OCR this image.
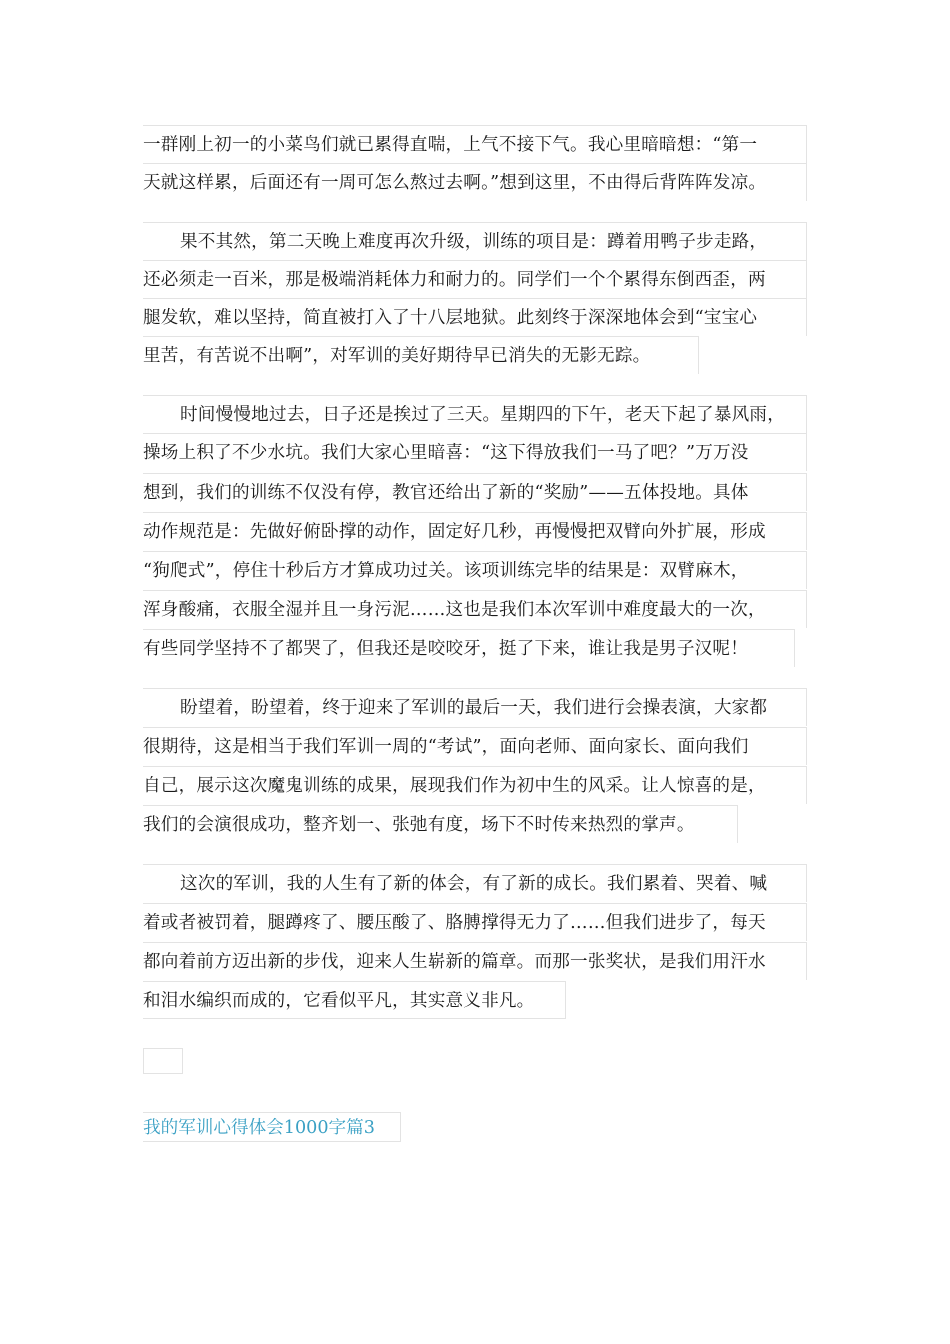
一群刚上初一的小菜鸟们就已累得直喘，上气不接下气。我心里暗暗想：“第一
天就这样累，后面还有一周可怎么熬过去啊。”想到这里，不由得后背阵阵发凉。
果不其然，第二天晚上难度再次升级，训练的项目是：蹲着用鸭子步走路，
还必须走一百米，那是极端消耗体力和耐力的。同学们一个个累得东倒西歪，两
腿发软，难以坚持，简直被打入了十八层地狱。此刻终于深深地体会到“宝宝心
里苦，有苦说不出啊”，对军训的美好期待早已消失的无影无踪。
时间慢慢地过去，日子还是挨过了三天。星期四的下午，老天下起了暴风雨，
操场上积了不少水坑。我们大家心里暗喜：“这下得放我们一马了吧？”万万没
想到，我们的训练不仅没有停，教官还给出了新的“奖励”——五体投地。具体
动作规范是：先做好俯卧撑的动作，固定好几秒，再慢慢把双臂向外扩展，形成
“狗爬式”，停住十秒后方才算成功过关。该项训练完毕的结果是：双臂麻木，
浑身酸痛，衣服全湿并且一身污泥……这也是我们本次军训中难度最大的一次，
有些同学坚持不了都哭了，但我还是咬咬牙，挺了下来，谁让我是男子汉呢！
盼望着，盼望着，终于迎来了军训的最后一天，我们进行会操表演，大家都
很期待，这是相当于我们军训一周的“考试”，面向老师、面向家长、面向我们
自己，展示这次魔鬼训练的成果，展现我们作为初中生的风采。让人惊喜的是，
我们的会演很成功，整齐划一、张弛有度，场下不时传来热烈的掌声。
这次的军训，我的人生有了新的体会，有了新的成长。我们累着、哭着、喊
着或者被罚着，腿蹲疼了、腰压酸了、胳膊撑得无力了……但我们进步了，每天
都向着前方迈出新的步伐，迎来人生崭新的篇章。而那一张奖状，是我们用汗水
和泪水编织而成的，它看似平凡，其实意义非凡。
我的军训心得体会1000字篇3
